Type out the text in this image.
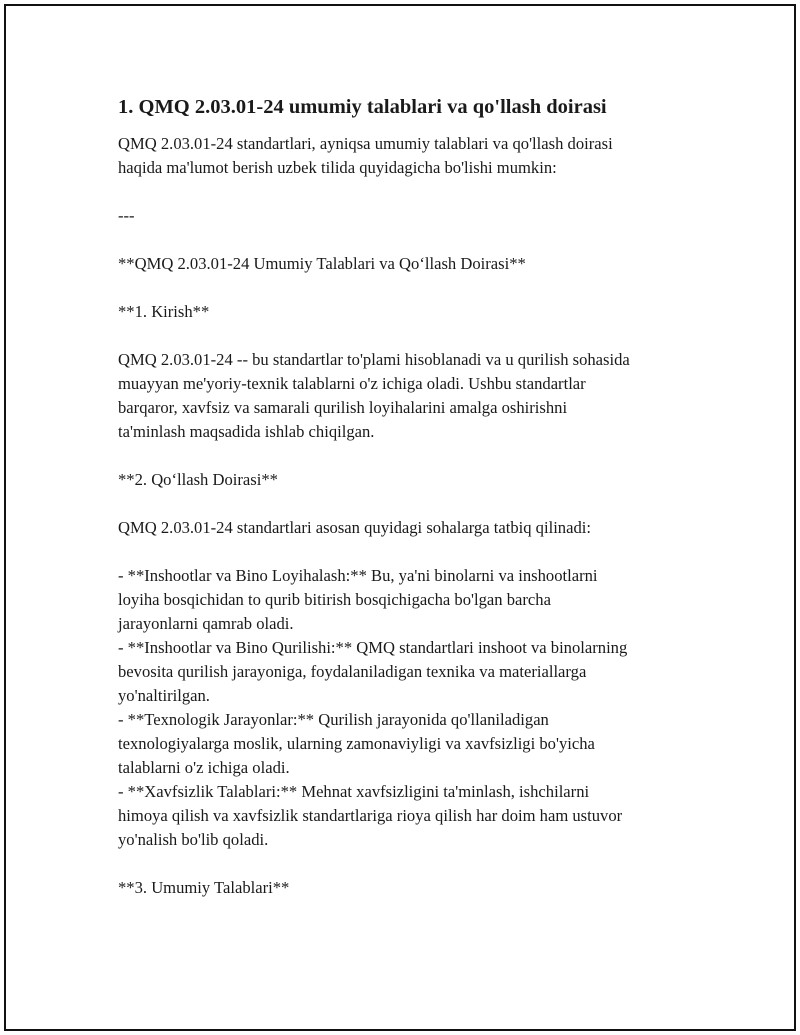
1. QMQ 2.03.01-24 umumiy talablari va qo'llash doirasi

QMQ 2.03.01-24 standartlari, ayniqsa umumiy talablari va qo'llash doirasi
haqida ma'lumot berish uzbek tilida quyidagicha bo'lishi mumkin:

---

**QMQ 2.03.01-24 Umumiy Talablari va Qo‘llash Doirasi**

**1. Kirish**

QMQ 2.03.01-24 -- bu standartlar to'plami hisoblanadi va u qurilish sohasida
muayyan me'yoriy-texnik talablarni o'z ichiga oladi. Ushbu standartlar
barqaror, xavfsiz va samarali qurilish loyihalarini amalga oshirishni
ta'minlash maqsadida ishlab chiqilgan.

**2. Qo‘llash Doirasi**

QMQ 2.03.01-24 standartlari asosan quyidagi sohalarga tatbiq qilinadi:

- **Inshootlar va Bino Loyihalash:** Bu, ya'ni binolarni va inshootlarni
loyiha bosqichidan to qurib bitirish bosqichigacha bo'lgan barcha
jarayonlarni qamrab oladi.
- **Inshootlar va Bino Qurilishi:** QMQ standartlari inshoot va binolarning
bevosita qurilish jarayoniga, foydalaniladigan texnika va materiallarga
yo'naltirilgan.
- **Texnologik Jarayonlar:** Qurilish jarayonida qo'llaniladigan
texnologiyalarga moslik, ularning zamonaviyligi va xavfsizligi bo'yicha
talablarni o'z ichiga oladi.
- **Xavfsizlik Talablari:** Mehnat xavfsizligini ta'minlash, ishchilarni
himoya qilish va xavfsizlik standartlariga rioya qilish har doim ham ustuvor
yo'nalish bo'lib qoladi.

**3. Umumiy Talablari**
